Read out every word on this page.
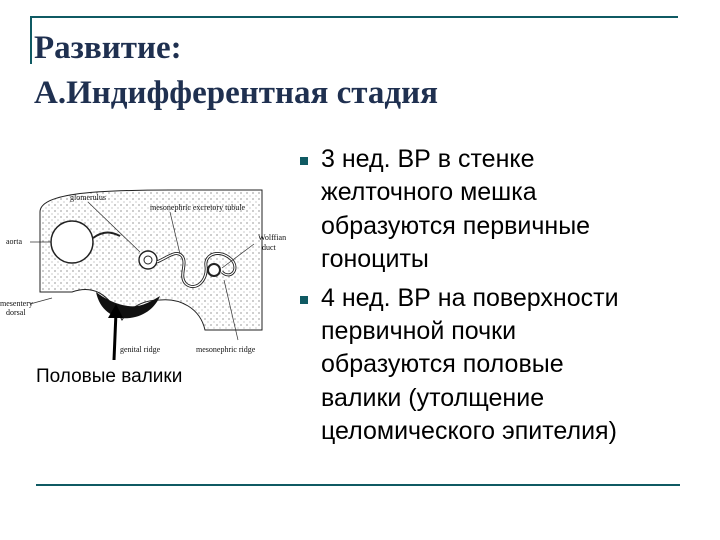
Развитие:
А.Индифферентная стадия
glomerulus
mesonephric excretory tubule
aorta	Wolffian
duct
mesentery
dorsal
genital ridge	mesonephric ridge

Половые валики

3 нед. ВР в стенке
желточного мешка
образуются первичные
гоноциты
4 нед. ВР на поверхности
первичной почки
образуются половые
валики (утолщение
целомического эпителия)
